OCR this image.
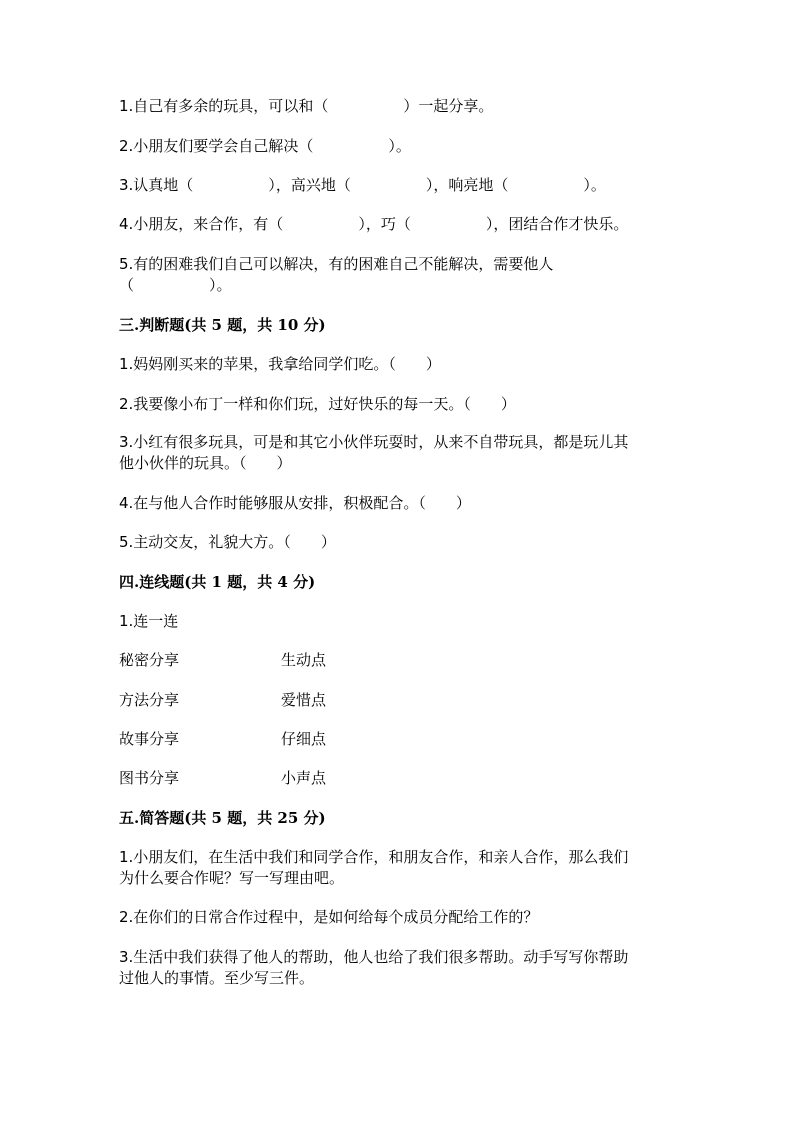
1.自己有多余的玩具，可以和（　　　　　）一起分享。
2.小朋友们要学会自己解决（　　　　　）。
3.认真地（　　　　　），高兴地（　　　　　），响亮地（　　　　　）。
4.小朋友，来合作，有（　　　　　），巧（　　　　　），团结合作才快乐。
5.有的困难我们自己可以解决，有的困难自己不能解决，需要他人
（　　　　　）。
三.判断题(共 5 题，共 10 分)
1.妈妈刚买来的苹果，我拿给同学们吃。（　　）
2.我要像小布丁一样和你们玩，过好快乐的每一天。（　　）
3.小红有很多玩具，可是和其它小伙伴玩耍时，从来不自带玩具，都是玩儿其
他小伙伴的玩具。（　　）
4.在与他人合作时能够服从安排，积极配合。（　　）
5.主动交友，礼貌大方。（　　）
四.连线题(共 1 题，共 4 分)
1.连一连
秘密分享	生动点
方法分享	爱惜点
故事分享	仔细点
图书分享	小声点
五.简答题(共 5 题，共 25 分)
1.小朋友们，在生活中我们和同学合作，和朋友合作，和亲人合作，那么我们
为什么要合作呢？写一写理由吧。
2.在你们的日常合作过程中，是如何给每个成员分配给工作的？
3.生活中我们获得了他人的帮助，他人也给了我们很多帮助。动手写写你帮助
过他人的事情。至少写三件。
